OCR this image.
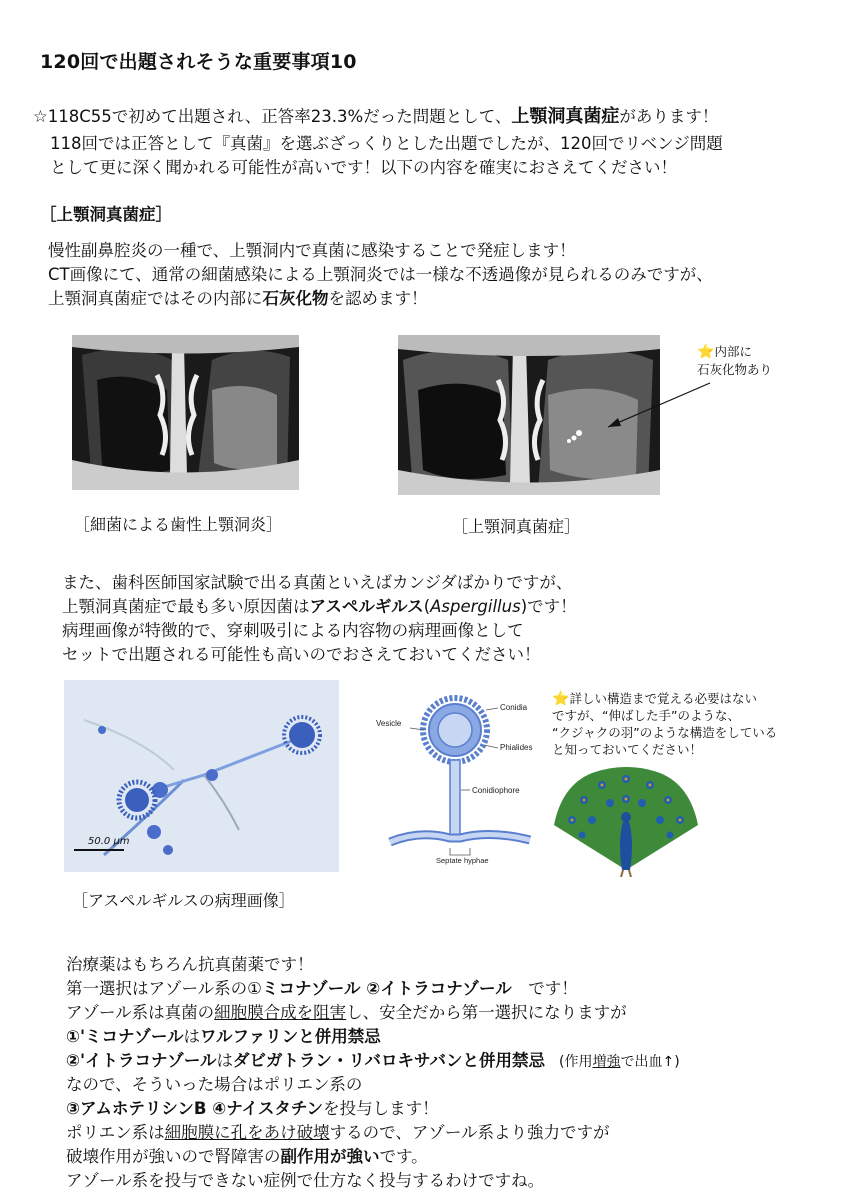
120回で出題されそうな重要事項10
☆118C55で初めて出題され、正答率23.3%だった問題として、上顎洞真菌症があります！
118回では正答として『真菌』を選ぶざっくりとした出題でしたが、120回でリベンジ問題
として更に深く聞かれる可能性が高いです！以下の内容を確実におさえてください！
［上顎洞真菌症］
慢性副鼻腔炎の一種で、上顎洞内で真菌に感染することで発症します！
CT画像にて、通常の細菌感染による上顎洞炎では一様な不透過像が見られるのみですが、
上顎洞真菌症ではその内部に石灰化物を認めます！
⭐内部に
石灰化物あり
［細菌による歯性上顎洞炎］	［上顎洞真菌症］
また、歯科医師国家試験で出る真菌といえばカンジダばかりですが、
上顎洞真菌症で最も多い原因菌はアスペルギルス(Aspergillus)です！
病理画像が特徴的で、穿刺吸引による内容物の病理画像として
セットで出題される可能性も高いのでおさえておいてください！
50.0 μm
［アスペルギルスの病理画像］
Vesicle
Conidia
Phialides
Conidiophore
Septate hyphae
⭐詳しい構造まで覚える必要はない
ですが、“伸ばした手”のような、
“クジャクの羽”のような構造をしている
と知っておいてください！
治療薬はもちろん抗真菌薬です！
第一選択はアゾール系の①ミコナゾール ②イトラコナゾール　です！
アゾール系は真菌の細胞膜合成を阻害し、安全だから第一選択になりますが
①'ミコナゾールはワルファリンと併用禁忌
②'イトラコナゾールはダビガトラン・リバロキサバンと併用禁忌 (作用増強で出血↑)
なので、そういった場合はポリエン系の
③アムホテリシンB ④ナイスタチンを投与します！
ポリエン系は細胞膜に孔をあけ破壊するので、アゾール系より強力ですが
破壊作用が強いので腎障害の副作用が強いです。
アゾール系を投与できない症例で仕方なく投与するわけですね。
